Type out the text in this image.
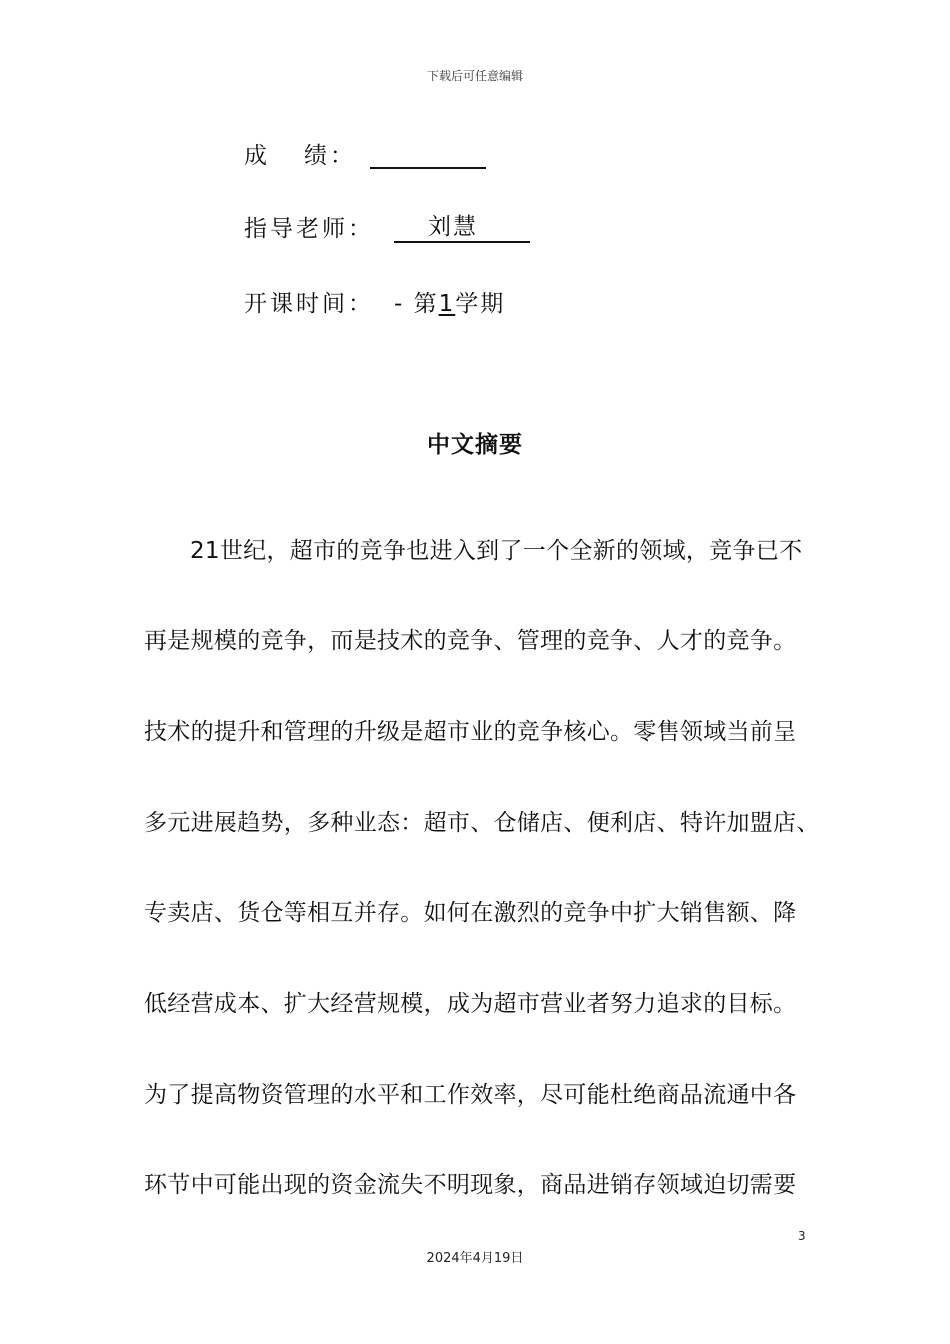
下载后可任意编辑
成 绩：
指导老师：	刘慧
开课时间： - 第1学期
中文摘要
21世纪，超市的竞争也进入到了一个全新的领域，竞争已不
再是规模的竞争，而是技术的竞争、管理的竞争、人才的竞争。
技术的提升和管理的升级是超市业的竞争核心。零售领域当前呈
多元进展趋势，多种业态：超市、仓储店、便利店、特许加盟店、
专卖店、货仓等相互并存。如何在激烈的竞争中扩大销售额、降
低经营成本、扩大经营规模，成为超市营业者努力追求的目标。
为了提高物资管理的水平和工作效率，尽可能杜绝商品流通中各
环节中可能出现的资金流失不明现象，商品进销存领域迫切需要
3
2024年4月19日
